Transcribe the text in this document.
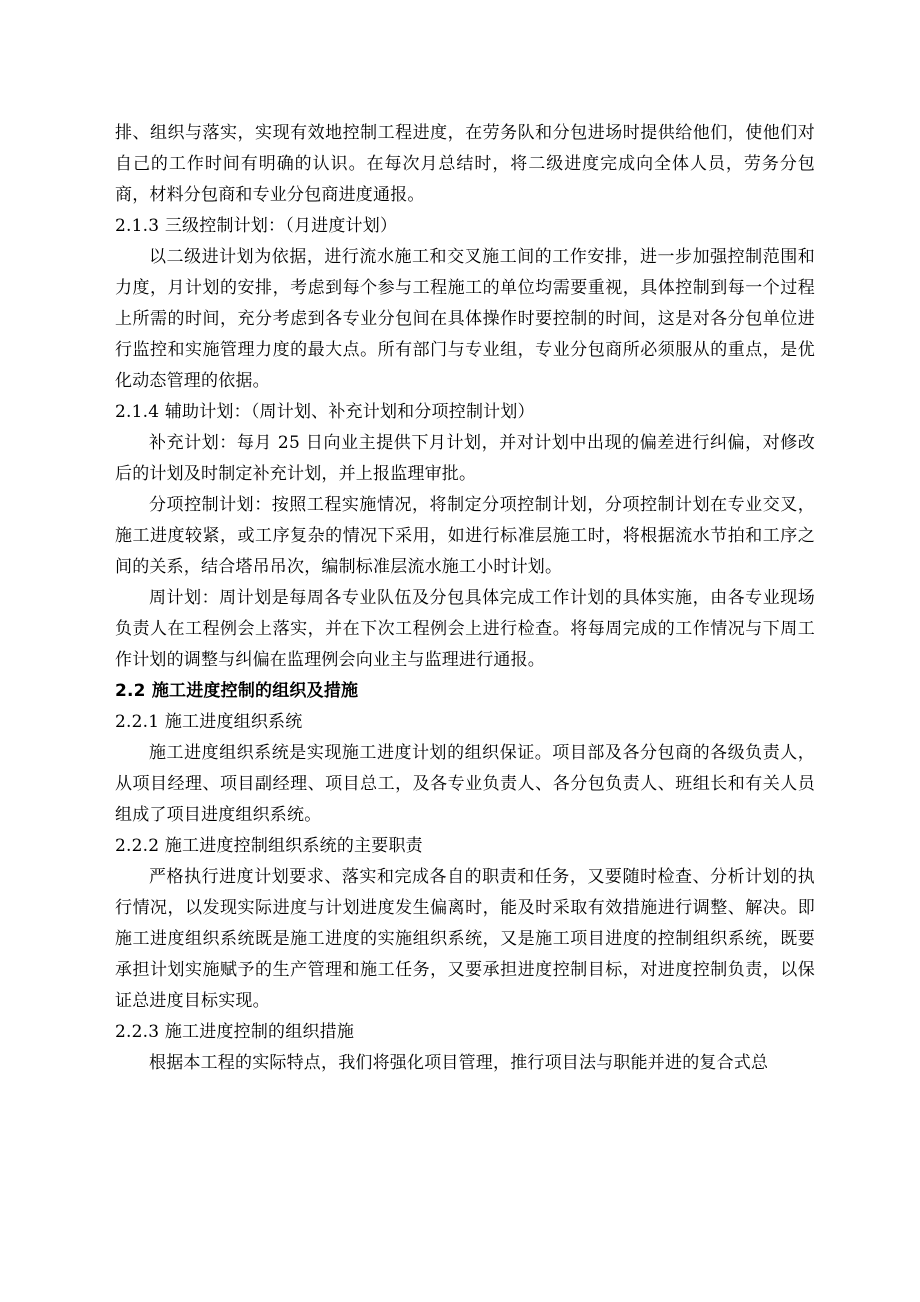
排、组织与落实，实现有效地控制工程进度，在劳务队和分包进场时提供给他们，使他们对自己的工作时间有明确的认识。在每次月总结时，将二级进度完成向全体人员，劳务分包商，材料分包商和专业分包商进度通报。

2.1.3 三级控制计划：（月进度计划）

以二级进计划为依据，进行流水施工和交叉施工间的工作安排，进一步加强控制范围和力度，月计划的安排，考虑到每个参与工程施工的单位均需要重视，具体控制到每一个过程上所需的时间，充分考虑到各专业分包间在具体操作时要控制的时间，这是对各分包单位进行监控和实施管理力度的最大点。所有部门与专业组，专业分包商所必须服从的重点，是优化动态管理的依据。

2.1.4 辅助计划：（周计划、补充计划和分项控制计划）

补充计划：每月 25 日向业主提供下月计划，并对计划中出现的偏差进行纠偏，对修改后的计划及时制定补充计划，并上报监理审批。

分项控制计划：按照工程实施情况，将制定分项控制计划，分项控制计划在专业交叉，施工进度较紧，或工序复杂的情况下采用，如进行标准层施工时，将根据流水节拍和工序之间的关系，结合塔吊吊次，编制标准层流水施工小时计划。

周计划：周计划是每周各专业队伍及分包具体完成工作计划的具体实施，由各专业现场负责人在工程例会上落实，并在下次工程例会上进行检查。将每周完成的工作情况与下周工作计划的调整与纠偏在监理例会向业主与监理进行通报。

2.2 施工进度控制的组织及措施

2.2.1 施工进度组织系统

施工进度组织系统是实现施工进度计划的组织保证。项目部及各分包商的各级负责人，从项目经理、项目副经理、项目总工，及各专业负责人、各分包负责人、班组长和有关人员组成了项目进度组织系统。

2.2.2 施工进度控制组织系统的主要职责

严格执行进度计划要求、落实和完成各自的职责和任务，又要随时检查、分析计划的执行情况，以发现实际进度与计划进度发生偏离时，能及时采取有效措施进行调整、解决。即施工进度组织系统既是施工进度的实施组织系统，又是施工项目进度的控制组织系统，既要承担计划实施赋予的生产管理和施工任务，又要承担进度控制目标，对进度控制负责，以保证总进度目标实现。

2.2.3 施工进度控制的组织措施

根据本工程的实际特点，我们将强化项目管理，推行项目法与职能并进的复合式总
